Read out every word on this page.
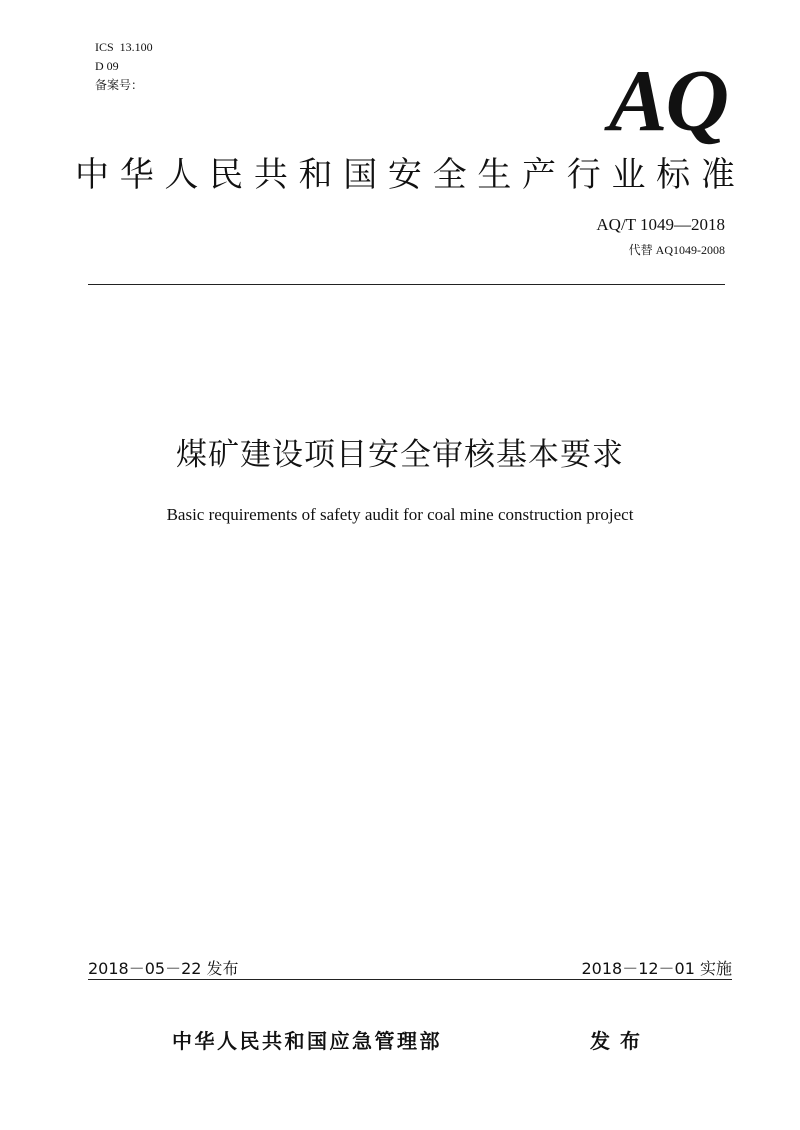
ICS  13.100
D 09
备案号：	AQ
中 华 人 民 共 和 国 安 全 生 产 行 业 标 准
AQ/T 1049—2018
代替 AQ1049-2008
煤矿建设项目安全审核基本要求
Basic requirements of safety audit for coal mine construction project
2018－05－22 发布	2018－12－01 实施
中华人民共和国应急管理部	发布
